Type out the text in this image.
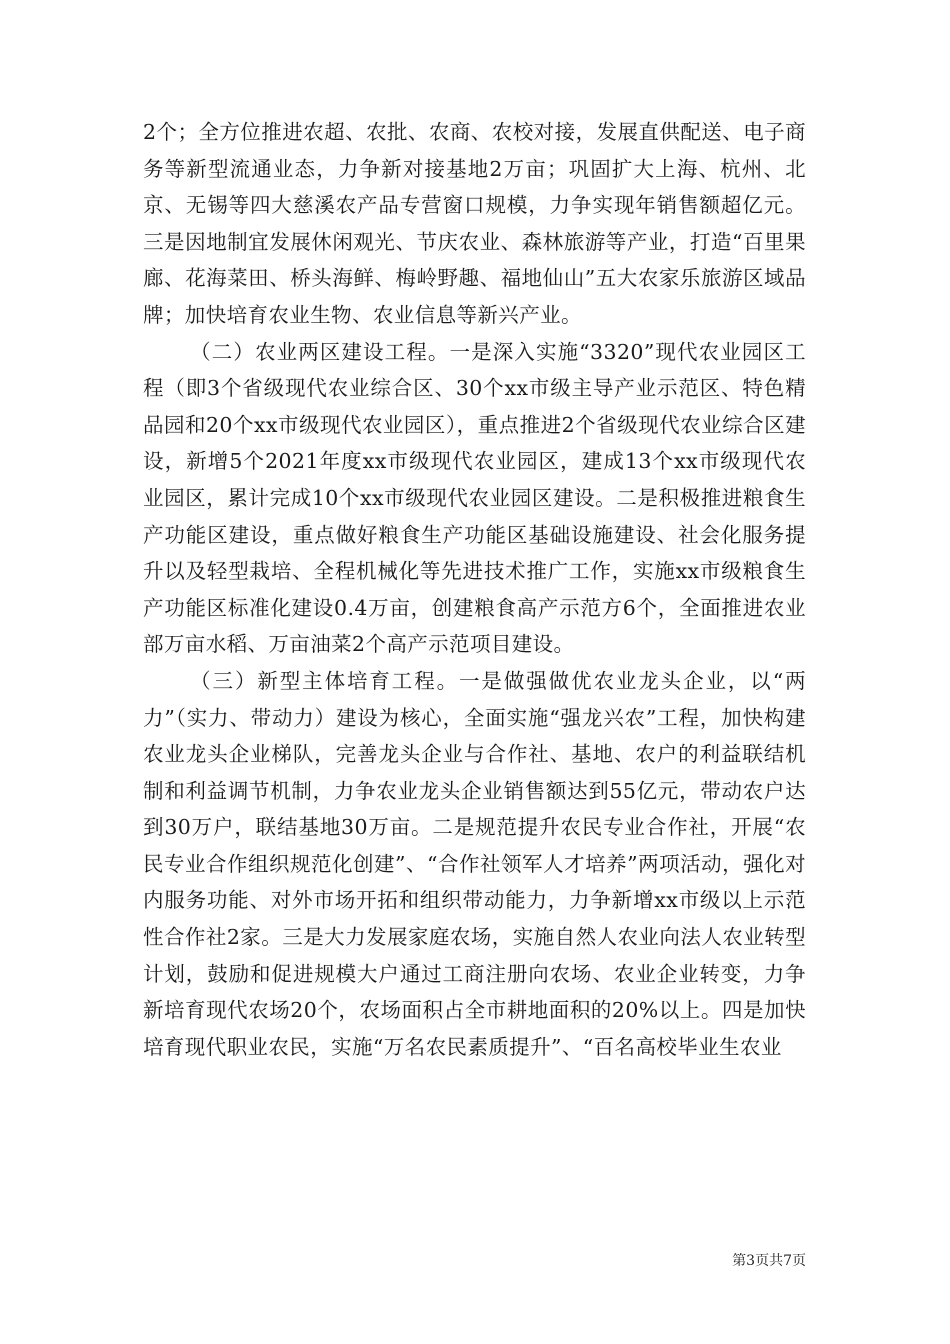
2个；全方位推进农超、农批、农商、农校对接，发展直供配送、电子商务等新型流通业态，力争新对接基地2万亩；巩固扩大上海、杭州、北京、无锡等四大慈溪农产品专营窗口规模，力争实现年销售额超亿元。三是因地制宜发展休闲观光、节庆农业、森林旅游等产业，打造“百里果廊、花海菜田、桥头海鲜、梅岭野趣、福地仙山”五大农家乐旅游区域品牌；加快培育农业生物、农业信息等新兴产业。

（二）农业两区建设工程。一是深入实施“3320”现代农业园区工程（即3个省级现代农业综合区、30个xx市级主导产业示范区、特色精品园和20个xx市级现代农业园区），重点推进2个省级现代农业综合区建设，新增5个2021年度xx市级现代农业园区，建成13个xx市级现代农业园区，累计完成10个xx市级现代农业园区建设。二是积极推进粮食生产功能区建设，重点做好粮食生产功能区基础设施建设、社会化服务提升以及轻型栽培、全程机械化等先进技术推广工作，实施xx市级粮食生产功能区标准化建设0.4万亩，创建粮食高产示范方6个，全面推进农业部万亩水稻、万亩油菜2个高产示范项目建设。

（三）新型主体培育工程。一是做强做优农业龙头企业，以“两力”（实力、带动力）建设为核心，全面实施“强龙兴农”工程，加快构建农业龙头企业梯队，完善龙头企业与合作社、基地、农户的利益联结机制和利益调节机制，力争农业龙头企业销售额达到55亿元，带动农户达到30万户，联结基地30万亩。二是规范提升农民专业合作社，开展“农民专业合作组织规范化创建”、“合作社领军人才培养”两项活动，强化对内服务功能、对外市场开拓和组织带动能力，力争新增xx市级以上示范性合作社2家。三是大力发展家庭农场，实施自然人农业向法人农业转型计划，鼓励和促进规模大户通过工商注册向农场、农业企业转变，力争新培育现代农场20个，农场面积占全市耕地面积的20%以上。四是加快培育现代职业农民，实施“万名农民素质提升”、“百名高校毕业生农业

第3页共7页
